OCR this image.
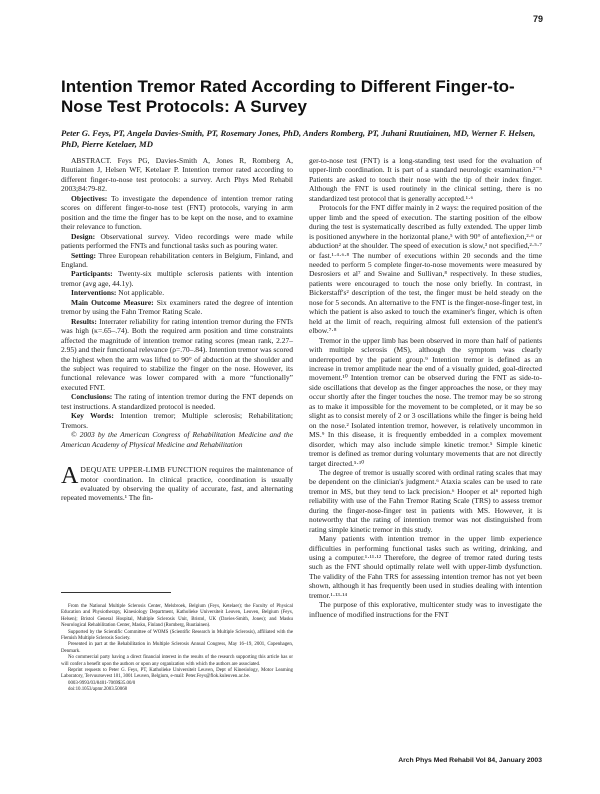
79
Intention Tremor Rated According to Different Finger-to-Nose Test Protocols: A Survey
Peter G. Feys, PT, Angela Davies-Smith, PT, Rosemary Jones, PhD, Anders Romberg, PT, Juhani Ruutiainen, MD, Werner F. Helsen, PhD, Pierre Ketelaer, MD

ABSTRACT. Feys PG, Davies-Smith A, Jones R, Romberg A, Ruutiainen J, Helsen WF, Ketelaer P. Intention tremor rated according to different finger-to-nose test protocols: a survey. Arch Phys Med Rehabil 2003;84:79-82.

Objectives: To investigate the dependence of intention tremor rating scores on different finger-to-nose test (FNT) protocols, varying in arm position and the time the finger has to be kept on the nose, and to examine their relevance to function.

Design: Observational survey. Video recordings were made while patients performed the FNTs and functional tasks such as pouring water.

Setting: Three European rehabilitation centers in Belgium, Finland, and England.

Participants: Twenty-six multiple sclerosis patients with intention tremor (avg age, 44.1y).

Interventions: Not applicable.

Main Outcome Measure: Six examiners rated the degree of intention tremor by using the Fahn Tremor Rating Scale.

Results: Interrater reliability for rating intention tremor during the FNTs was high (κ=.65–.74). Both the required arm position and time constraints affected the magnitude of intention tremor rating scores (mean rank, 2.27–2.95) and their functional relevance (ρ=.70–.84). Intention tremor was scored the highest when the arm was lifted to 90° of abduction at the shoulder and the subject was required to stabilize the finger on the nose. However, its functional relevance was lower compared with a more “functionally” executed FNT.

Conclusions: The rating of intention tremor during the FNT depends on test instructions. A standardized protocol is needed.

Key Words: Intention tremor; Multiple sclerosis; Rehabilitation; Tremors.

© 2003 by the American Congress of Rehabilitation Medicine and the American Academy of Physical Medicine and Rehabilitation

ADEQUATE UPPER-LIMB FUNCTION requires the maintenance of motor coordination. In clinical practice, coordination is usually evaluated by observing the quality of accurate, fast, and alternating repeated movements.¹ The fin-

ger-to-nose test (FNT) is a long-standing test used for the evaluation of upper-limb coordination. It is part of a standard neurologic examination.²⁻⁵ Patients are asked to touch their nose with the tip of their index finger. Although the FNT is used routinely in the clinical setting, there is no standardized test protocol that is generally accepted.¹·⁶

Protocols for the FNT differ mainly in 2 ways: the required position of the upper limb and the speed of execution. The starting position of the elbow during the test is systematically described as fully extended. The upper limb is positioned anywhere in the horizontal plane,⁵ with 90° of antefiexion,²·⁶ or abduction² at the shoulder. The speed of execution is slow,³ not specified,²·⁵·⁷ or fast.¹·⁴·⁶·⁸ The number of executions within 20 seconds and the time needed to perform 5 complete finger-to-nose movements were measured by Desrosiers et al⁷ and Swaine and Sullivan,⁸ respectively. In these studies, patients were encouraged to touch the nose only briefly. In contrast, in Bickerstaff's² description of the test, the finger must be held steady on the nose for 5 seconds. An alternative to the FNT is the finger-nose-finger test, in which the patient is also asked to touch the examiner's finger, which is often held at the limit of reach, requiring almost full extension of the patient's elbow.⁷·⁸

Tremor in the upper limb has been observed in more than half of patients with multiple sclerosis (MS), although the symptom was clearly underreported by the patient group.⁹ Intention tremor is defined as an increase in tremor amplitude near the end of a visually guided, goal-directed movement.¹⁰ Intention tremor can be observed during the FNT as side-to-side oscillations that develop as the finger approaches the nose, or they may occur shortly after the finger touches the nose. The tremor may be so strong as to make it impossible for the movement to be completed, or it may be so slight as to consist merely of 2 or 3 oscillations while the finger is being held on the nose.² Isolated intention tremor, however, is relatively uncommon in MS.⁹ In this disease, it is frequently embedded in a complex movement disorder, which may also include simple kinetic tremor.⁵ Simple kinetic tremor is defined as tremor during voluntary movements that are not directly target directed.⁵·¹⁰

The degree of tremor is usually scored with ordinal rating scales that may be dependent on the clinician's judgment.⁶ Ataxia scales can be used to rate tremor in MS, but they tend to lack precision.⁶ Hooper et al⁶ reported high reliability with use of the Fahn Tremor Rating Scale (TRS) to assess tremor during the finger-nose-finger test in patients with MS. However, it is noteworthy that the rating of intention tremor was not distinguished from rating simple kinetic tremor in this study.

Many patients with intention tremor in the upper limb experience difficulties in performing functional tasks such as writing, drinking, and using a computer.¹·¹¹·¹² Therefore, the degree of tremor rated during tests such as the FNT should optimally relate well with upper-limb dysfunction. The validity of the Fahn TRS for assessing intention tremor has not yet been shown, although it has frequently been used in studies dealing with intention tremor.¹·¹³·¹⁴

The purpose of this explorative, multicenter study was to investigate the influence of modified instructions for the FNT

From the National Multiple Sclerosis Center, Melsbroek, Belgium (Feys, Ketelaer); the Faculty of Physical Education and Physiotherapy, Kinesiology Department, Katholieke Universiteit Leuven, Leuven, Belgium (Feys, Helsen); Bristol General Hospital, Multiple Sclerosis Unit, Bristol, UK (Davies-Smith, Jones); and Masku Neurological Rehabilitation Center, Masku, Finland (Romberg, Ruutiainen).

Supported by the Scientific Committee of WOMS (Scientific Research in Multiple Sclerosis), affiliated with the Flemish Multiple Sclerosis Society.

Presented in part at the Rehabilitation in Multiple Sclerosis Annual Congress, May 16–19, 2001, Copenhagen, Denmark.

No commercial party having a direct financial interest in the results of the research supporting this article has or will confer a benefit upon the authors or upon any organization with which the authors are associated.

Reprint requests to Peter G. Feys, PT, Katholieke Universiteit Leuven, Dept of Kinesiology, Motor Learning Laboratory, Tervuursevest 101, 3001 Leuven, Belgium, e-mail: Peter.Feys@flok.kuleuven.ac.be.

0003-9993/03/8401-7069$35.00/0

doi:10.1053/apmr.2003.50068

Arch Phys Med Rehabil Vol 84, January 2003
